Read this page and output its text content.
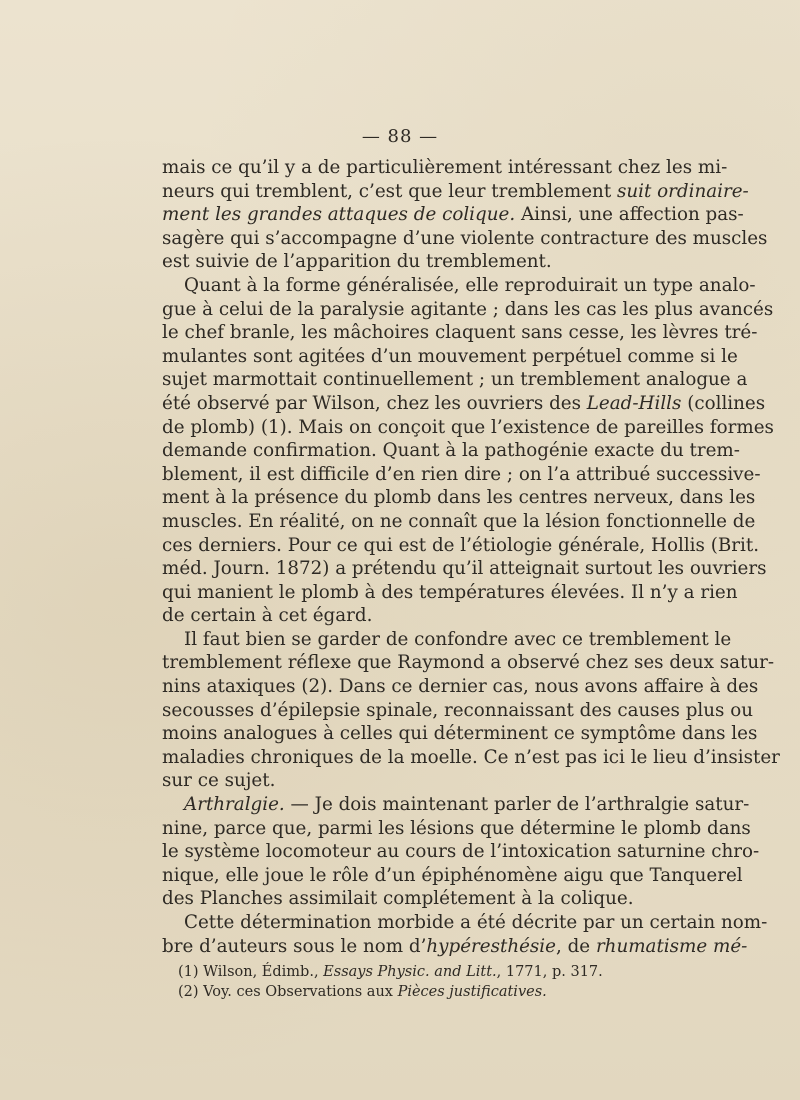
— 88 —
mais ce qu’il y a de particulièrement intéressant chez les mi-
neurs qui tremblent, c’est que leur tremblement suit ordinaire-
ment les grandes attaques de colique. Ainsi, une affection pas-
sagère qui s’accompagne d’une violente contracture des muscles
est suivie de l’apparition du tremblement.
Quant à la forme généralisée, elle reproduirait un type analo-
gue à celui de la paralysie agitante ; dans les cas les plus avancés
le chef branle, les mâchoires claquent sans cesse, les lèvres tré-
mulantes sont agitées d’un mouvement perpétuel comme si le
sujet marmottait continuellement ; un tremblement analogue a
été observé par Wilson, chez les ouvriers des Lead-Hills (collines
de plomb) (1). Mais on conçoit que l’existence de pareilles formes
demande confirmation. Quant à la pathogénie exacte du trem-
blement, il est difficile d’en rien dire ; on l’a attribué successive-
ment à la présence du plomb dans les centres nerveux, dans les
muscles. En réalité, on ne connaît que la lésion fonctionnelle de
ces derniers. Pour ce qui est de l’étiologie générale, Hollis (Brit.
méd. Journ. 1872) a prétendu qu’il atteignait surtout les ouvriers
qui manient le plomb à des températures élevées. Il n’y a rien
de certain à cet égard.
Il faut bien se garder de confondre avec ce tremblement le
tremblement réflexe que Raymond a observé chez ses deux satur-
nins ataxiques (2). Dans ce dernier cas, nous avons affaire à des
secousses d’épilepsie spinale, reconnaissant des causes plus ou
moins analogues à celles qui déterminent ce symptôme dans les
maladies chroniques de la moelle. Ce n’est pas ici le lieu d’insister
sur ce sujet.
Arthralgie. — Je dois maintenant parler de l’arthralgie satur-
nine, parce que, parmi les lésions que détermine le plomb dans
le système locomoteur au cours de l’intoxication saturnine chro-
nique, elle joue le rôle d’un épiphénomène aigu que Tanquerel
des Planches assimilait complétement à la colique.
Cette détermination morbide a été décrite par un certain nom-
bre d’auteurs sous le nom d’hypéresthésie, de rhumatisme mé-
(1) Wilson, Édimb., Essays Physic. and Litt., 1771, p. 317.
(2) Voy. ces Observations aux Pièces justificatives.
